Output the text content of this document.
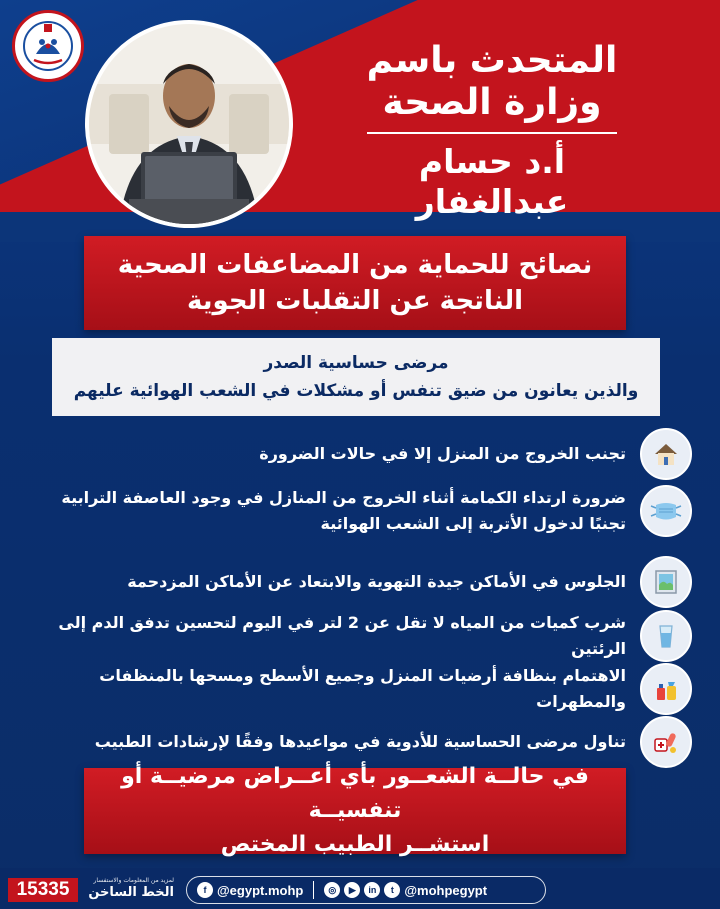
المتحدث باسم
وزارة الصحة
أ.د حسام عبدالغفار
نصائح للحماية من المضاعفات الصحية
الناتجة عن التقلبات الجوية
مرضى حساسية الصدر
والذين يعانون من ضيق تنفس أو مشكلات في الشعب الهوائية عليهم
تجنب الخروج من المنزل إلا في حالات الضرورة
ضرورة ارتداء الكمامة أثناء الخروج من المنازل في وجود العاصفة الترابية تجنبًا لدخول الأتربة إلى الشعب الهوائية
الجلوس في الأماكن جيدة التهوية والابتعاد عن الأماكن المزدحمة
شرب كميات من المياه لا تقل عن 2 لتر في اليوم لتحسين تدفق الدم إلى الرئتين
الاهتمام بنظافة أرضيات المنزل وجميع الأسطح ومسحها بالمنظفات والمطهرات
تناول مرضى الحساسية للأدوية في مواعيدها وفقًا لإرشادات الطبيب
في حالــة الشعــور بأي أعــراض مرضيــة أو تنفسيــة
استشــر الطبيب المختص
15335	لمزيد من المعلومات والاستفسار
الخط الساخن	f @egypt.mohp	◎	▶	in	t @mohpegypt
